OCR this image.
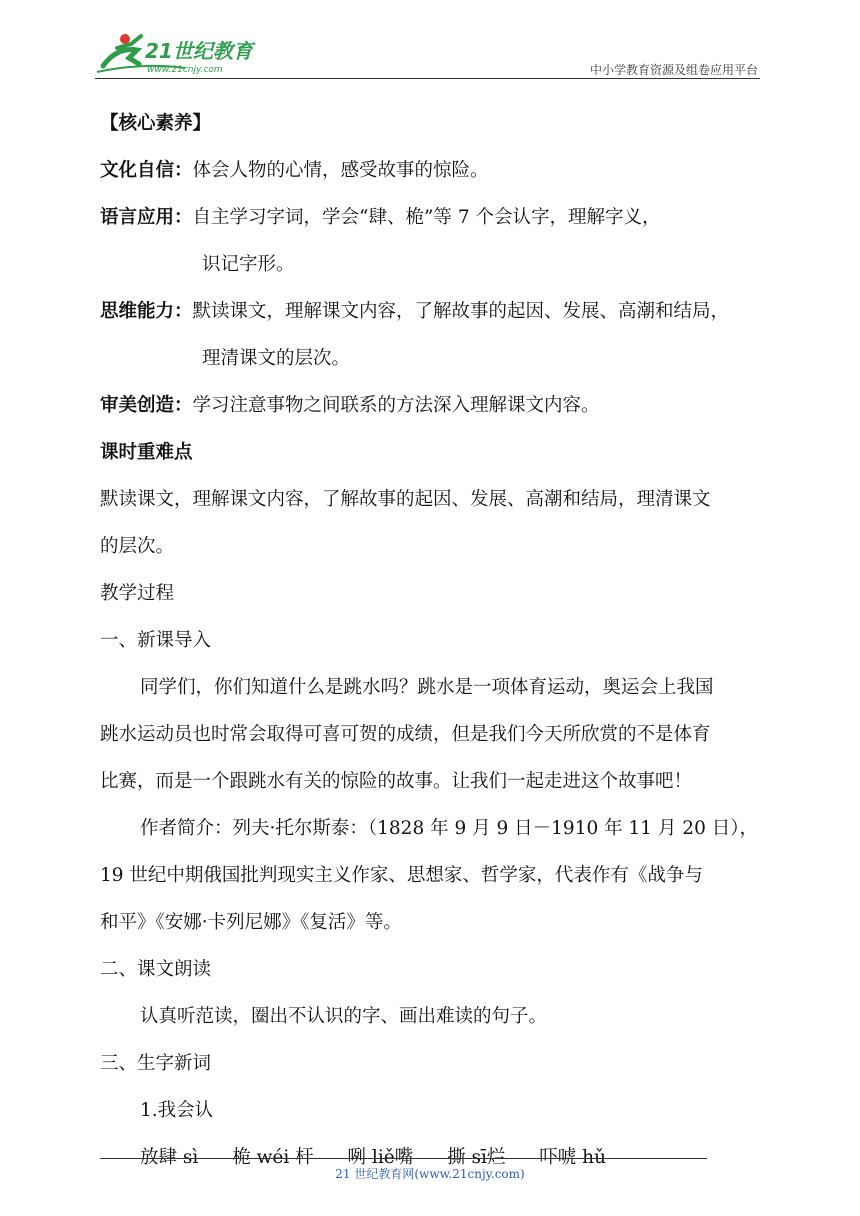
21世纪教育
www.21cnjy.com	中小学教育资源及组卷应用平台
【核心素养】
文化自信：体会人物的心情，感受故事的惊险。
语言应用：自主学习字词，学会“肆、桅”等 7 个会认字，理解字义，
识记字形。
思维能力：默读课文，理解课文内容，了解故事的起因、发展、高潮和结局，
理清课文的层次。
审美创造：学习注意事物之间联系的方法深入理解课文内容。
课时重难点
默读课文，理解课文内容，了解故事的起因、发展、高潮和结局，理清课文
的层次。
教学过程
一、新课导入
同学们，你们知道什么是跳水吗？跳水是一项体育运动，奥运会上我国
跳水运动员也时常会取得可喜可贺的成绩，但是我们今天所欣赏的不是体育
比赛，而是一个跟跳水有关的惊险的故事。让我们一起走进这个故事吧！
作者简介：列夫·托尔斯泰：（1828 年 9 月 9 日－1910 年 11 月 20 日），
19 世纪中期俄国批判现实主义作家、思想家、哲学家，代表作有《战争与
和平》《安娜·卡列尼娜》《复活》等。
二、课文朗读
认真听范读，圈出不认识的字、画出难读的句子。
三、生字新词
1.我会认
放肆 sì 桅 wéi 杆 咧 liě嘴 撕 sī烂 吓唬 hǔ
21 世纪教育网(www.21cnjy.com)
